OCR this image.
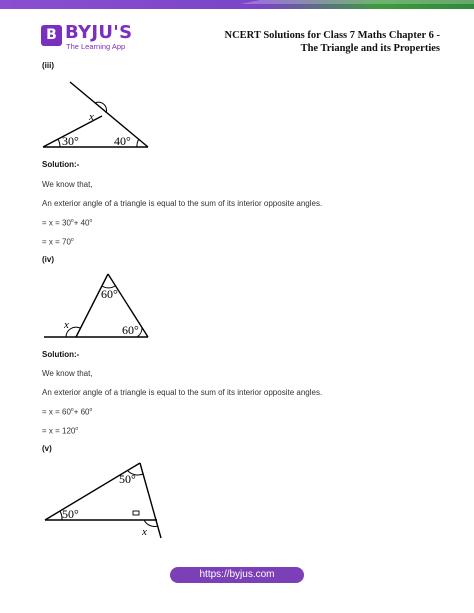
B BYJU'S
The Learning App
NCERT Solutions for Class 7 Maths Chapter 6 -
The Triangle and its Properties
(iii)
30°	40°
x
Solution:-
We know that,
An exterior angle of a triangle is equal to the sum of its interior opposite angles.
= $x = 30^o+ 40^o$
= $x = 70^o$
(iv)
60°
60°
x
Solution:-
We know that,
An exterior angle of a triangle is equal to the sum of its interior opposite angles.
= $x = 60^o+ 60^o$
= $x = 120^o$
(v)
50°
50°
x
https://byjus.com
